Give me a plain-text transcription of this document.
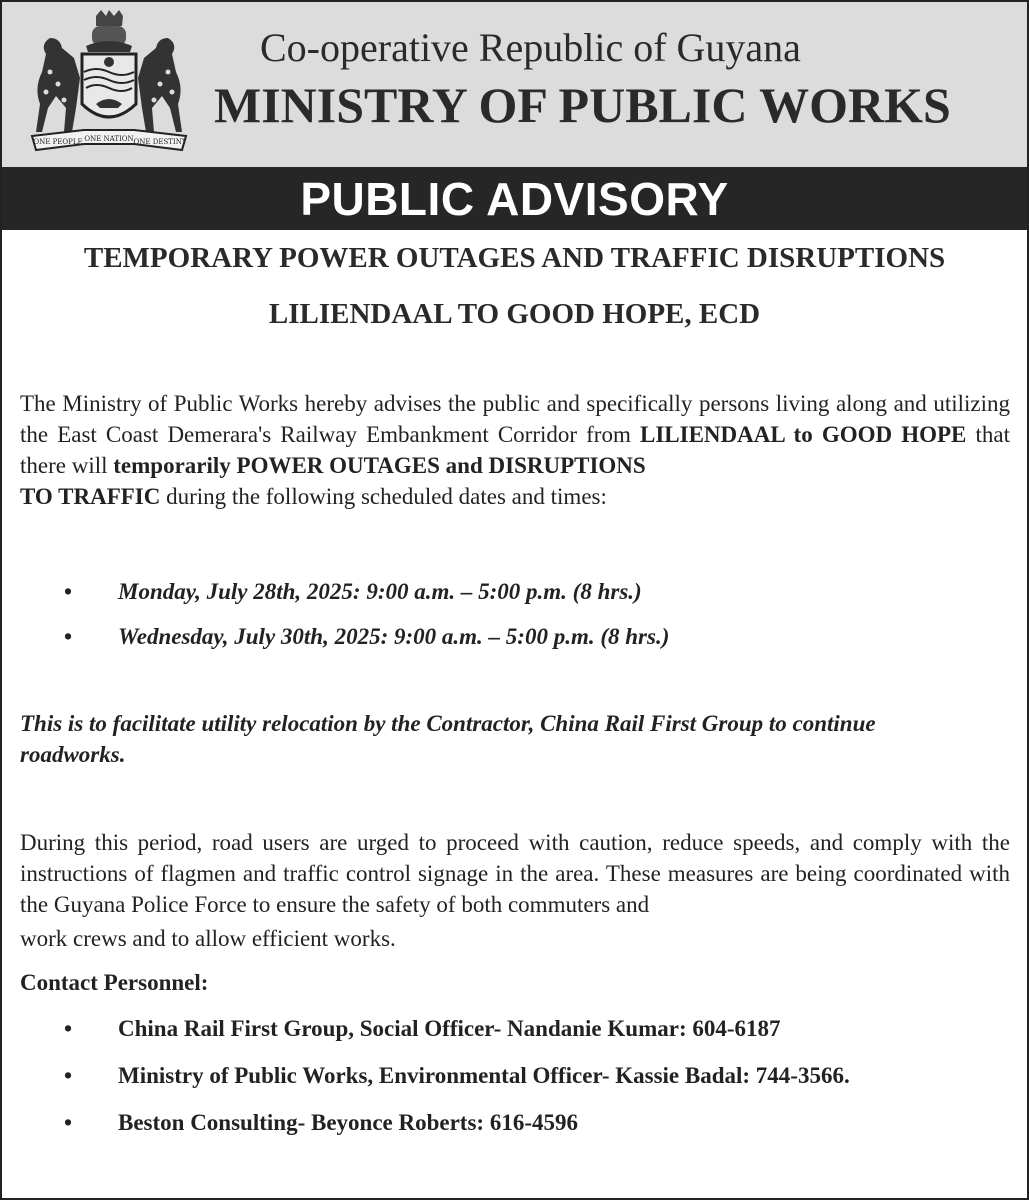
ONE PEOPLE ONE NATION ONE DESTINY
Co-operative Republic of Guyana
MINISTRY OF PUBLIC WORKS
PUBLIC ADVISORY
TEMPORARY POWER OUTAGES AND TRAFFIC DISRUPTIONS
LILIENDAAL TO GOOD HOPE, ECD
The Ministry of Public Works hereby advises the public and specifically persons living along and utilizing the East Coast Demerara's Railway Embankment Corridor from LILIENDAAL to GOOD HOPE that there will temporarily POWER OUTAGES and DISRUPTIONS
TO TRAFFIC during the following scheduled dates and times:
• Monday, July 28th, 2025: 9:00 a.m. – 5:00 p.m. (8 hrs.)
• Wednesday, July 30th, 2025: 9:00 a.m. – 5:00 p.m. (8 hrs.)
This is to facilitate utility relocation by the Contractor, China Rail First Group to continue roadworks.
During this period, road users are urged to proceed with caution, reduce speeds, and comply with the instructions of flagmen and traffic control signage in the area. These measures are being coordinated with the Guyana Police Force to ensure the safety of both commuters and
work crews and to allow efficient works.
Contact Personnel:
• China Rail First Group, Social Officer- Nandanie Kumar: 604-6187
• Ministry of Public Works, Environmental Officer- Kassie Badal: 744-3566.
• Beston Consulting- Beyonce Roberts: 616-4596
